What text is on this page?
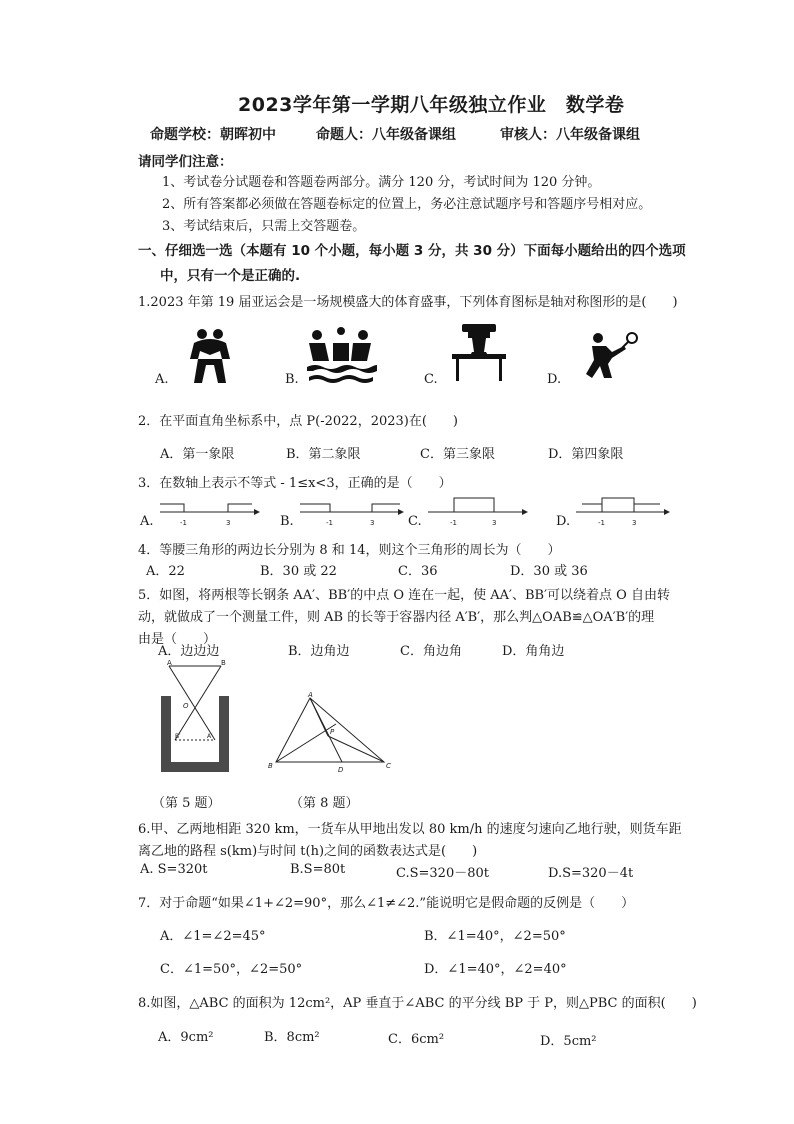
2023学年第一学期八年级独立作业　数学卷
命题学校：朝晖初中	命题人：八年级备课组	审核人：八年级备课组
请同学们注意：
1、考试卷分试题卷和答题卷两部分。满分 120 分，考试时间为 120 分钟。
2、所有答案都必须做在答题卷标定的位置上，务必注意试题序号和答题序号相对应。
3、考试结束后，只需上交答题卷。
一、仔细选一选（本题有 10 个小题，每小题 3 分，共 30 分）下面每小题给出的四个选项
中，只有一个是正确的.
1.2023 年第 19 届亚运会是一场规模盛大的体育盛事，下列体育图标是轴对称图形的是(　　)
A.	B.	C.	D.
2．在平面直角坐标系中，点 P(-2022，2023)在(　　)
A．第一象限	B．第二象限	C．第三象限	D．第四象限
3．在数轴上表示不等式 - 1≤x<3，正确的是（　　）
A.	-1	3	B.	-1	3	C.	-1	3	D.	-1	3
4．等腰三角形的两边长分别为 8 和 14，则这个三角形的周长为（　　）
A．22	B．30 或 22	C．36	D．30 或 36
5．如图，将两根等长钢条 AA′、BB′的中点 O 连在一起，使 AA′、BB′可以绕着点 O 自由转
动，就做成了一个测量工件，则 AB 的长等于容器内径 A′B′，那么判△OAB≌△OA′B′的理
由是（　　）
A．边边边	B．边角边	C．角边角	D．角角边
A	B
O
B′	A′
A
B	C
D
P
（第 5 题）	（第 8 题）
6.甲、乙两地相距 320 km，一货车从甲地出发以 80 km/h 的速度匀速向乙地行驶，则货车距
离乙地的路程 s(km)与时间 t(h)之间的函数表达式是(　　)
A. S=320t	B.S=80t	C.S=320－80t	D.S=320－4t
7．对于命题“如果∠1+∠2=90°，那么∠1≠∠2.”能说明它是假命题的反例是（　　）
A．∠1=∠2=45°	B．∠1=40°，∠2=50°
C．∠1=50°，∠2=50°	D．∠1=40°，∠2=40°
8.如图，△ABC 的面积为 12cm²，AP 垂直于∠ABC 的平分线 BP 于 P，则△PBC 的面积(　　)
A．9cm²	B．8cm²	C．6cm²	D．5cm²
